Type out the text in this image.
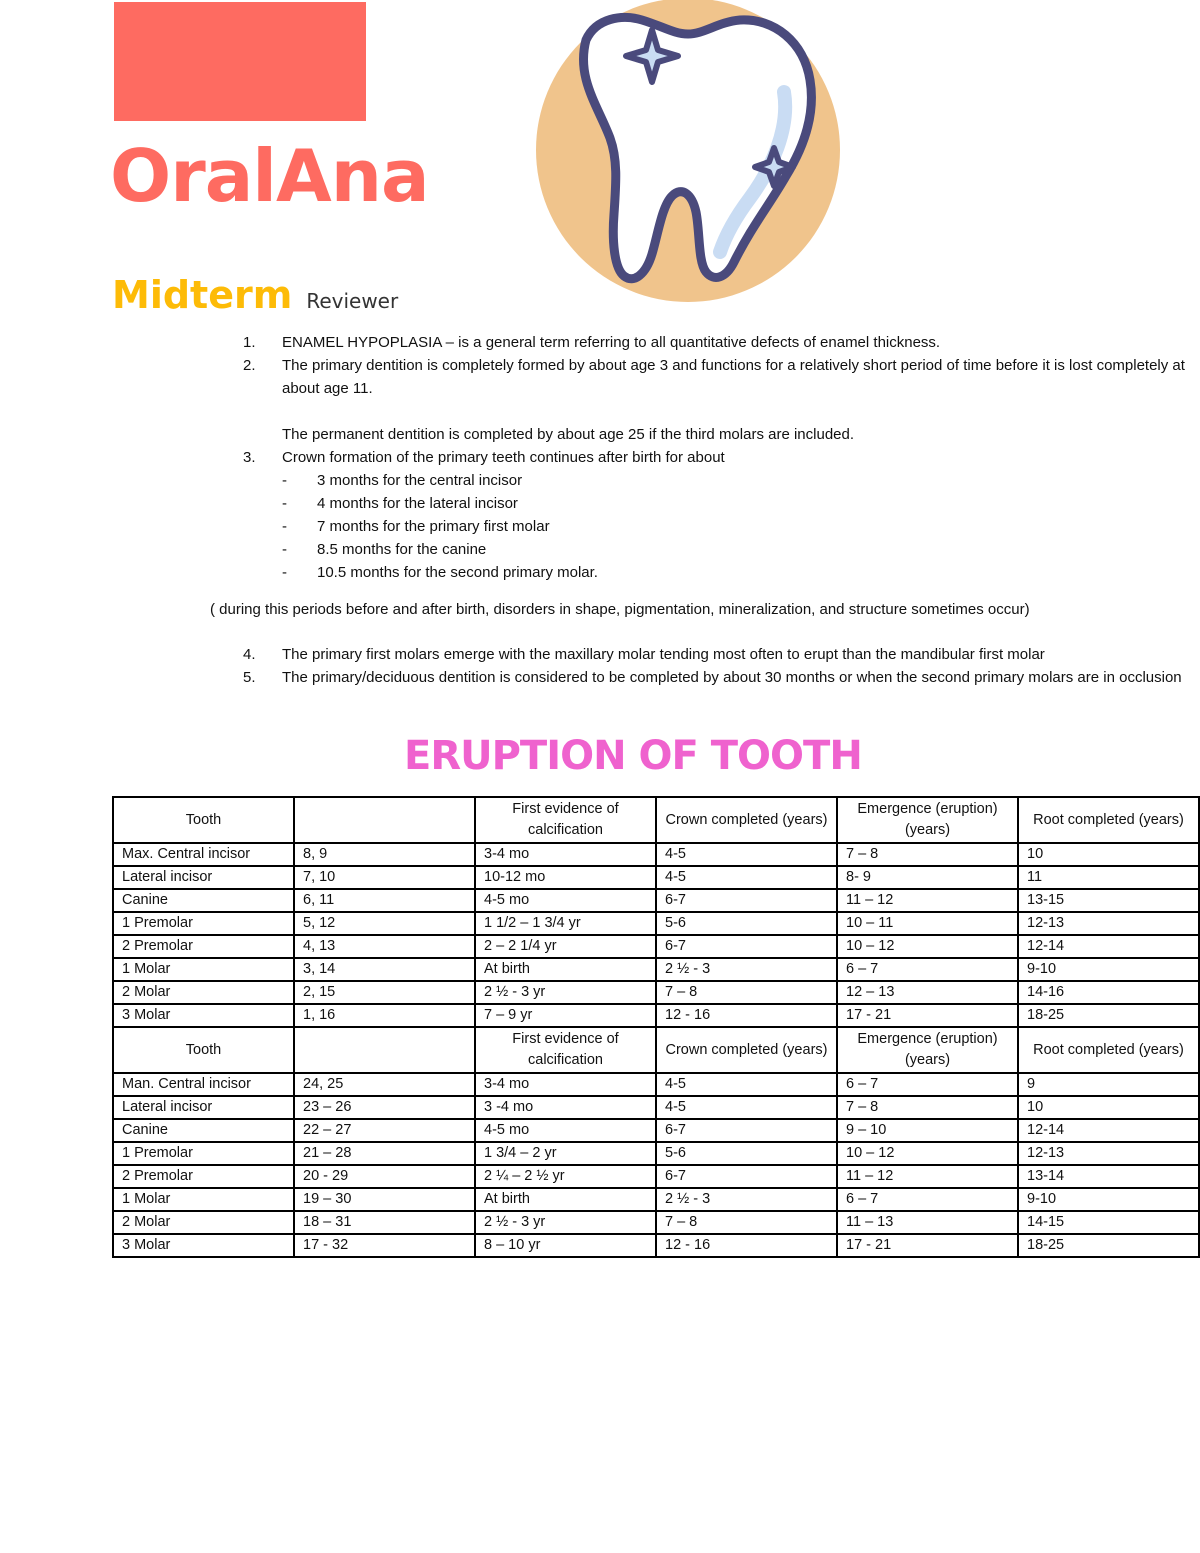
OralAna
Midterm Reviewer
1. ENAMEL HYPOPLASIA – is a general term referring to all quantitative defects of enamel thickness.
2. The primary dentition is completely formed by about age 3 and functions for a relatively short period of time before it is lost completely at about age 11.
The permanent dentition is completed by about age 25 if the third molars are included.
3. Crown formation of the primary teeth continues after birth for about
- 3 months for the central incisor
- 4 months for the lateral incisor
- 7 months for the primary first molar
- 8.5 months for the canine
- 10.5 months for the second primary molar.
( during this periods before and after birth, disorders in shape, pigmentation, mineralization, and structure sometimes occur)
4. The primary first molars emerge with the maxillary molar tending most often to erupt than the mandibular first molar
5. The primary/deciduous dentition is considered to be completed by about 30 months or when the second primary molars are in occlusion
ERUPTION OF TOOTH
Tooth		First evidence of calcification	Crown completed (years)	Emergence (eruption) (years)	Root completed (years)
Max. Central incisor	8, 9	3-4 mo	4-5	7 – 8	10
Lateral incisor	7, 10	10-12 mo	4-5	8- 9	11
Canine	6, 11	4-5 mo	6-7	11 – 12	13-15
1 Premolar	5, 12	1 1/2 – 1 3/4 yr	5-6	10 – 11	12-13
2 Premolar	4, 13	2 – 2 1/4 yr	6-7	10 – 12	12-14
1 Molar	3, 14	At birth	2 ½ - 3	6 – 7	9-10
2 Molar	2, 15	2 ½ - 3 yr	7 – 8	12 – 13	14-16
3 Molar	1, 16	7 – 9 yr	12 - 16	17 - 21	18-25
Tooth		First evidence of calcification	Crown completed (years)	Emergence (eruption) (years)	Root completed (years)
Man. Central incisor	24, 25	3-4 mo	4-5	6 – 7	9
Lateral incisor	23 – 26	3 -4 mo	4-5	7 – 8	10
Canine	22 – 27	4-5 mo	6-7	9 – 10	12-14
1 Premolar	21 – 28	1 3/4 – 2 yr	5-6	10 – 12	12-13
2 Premolar	20 - 29	2 ¼ – 2 ½ yr	6-7	11 – 12	13-14
1 Molar	19 – 30	At birth	2 ½ - 3	6 – 7	9-10
2 Molar	18 – 31	2 ½ - 3 yr	7 – 8	11 – 13	14-15
3 Molar	17 - 32	8 – 10 yr	12 - 16	17 - 21	18-25
